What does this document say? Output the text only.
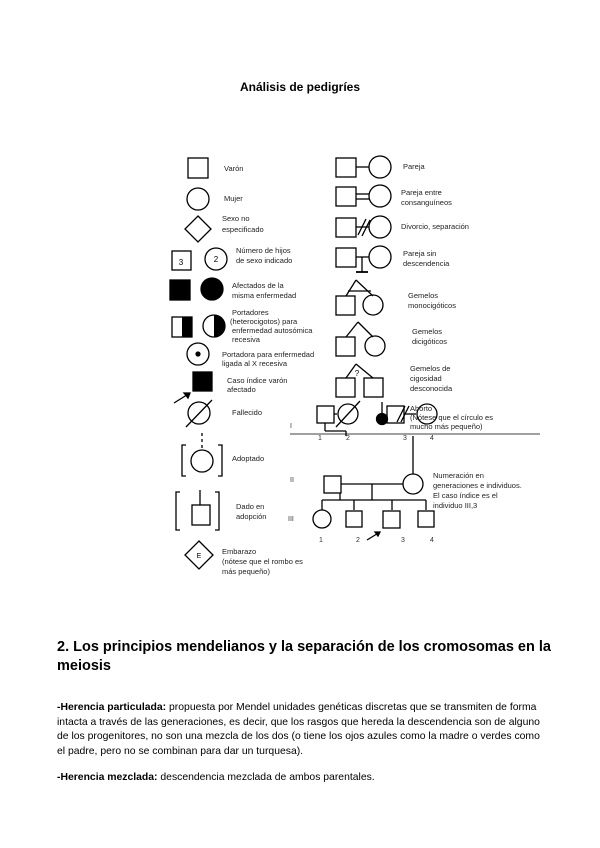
Análisis de pedigríes
3	2
E
?
Varón
Mujer
Sexo no
especificado
Número de hijos
de sexo indicado
Afectados de la
misma enfermedad
Portadores
(heterocigotos) para
enfermedad autosómica
recesiva
Portadora para enfermedad
ligada al X recesiva
Caso índice varón
afectado
Fallecido
Adoptado
Dado en
adopción
Embarazo
(nótese que el rombo es
más pequeño)
Pareja
Pareja entre
consanguíneos
Divorcio, separación
Pareja sin
descendencia
Gemelos
monocigóticos
Gemelos
dicigóticos
Gemelos de
cigosidad
desconocida
Aborto
(Nótese que el círculo es
mucho más pequeño)
I
II
III
1	2	3	4
1	2	3	4
Numeración en
generaciones e individuos.
El caso índice es el
individuo III,3
2. Los principios mendelianos y la separación de los cromosomas en la meiosis
-Herencia particulada: propuesta por Mendel unidades genéticas discretas que se transmiten de forma intacta a través de las generaciones, es decir, que los rasgos que hereda la descendencia son de alguno de los progenitores, no son una mezcla de los dos (o tiene los ojos azules como la madre o verdes como el padre, pero no se combinan para dar un turquesa).
-Herencia mezclada: descendencia mezclada de ambos parentales.
